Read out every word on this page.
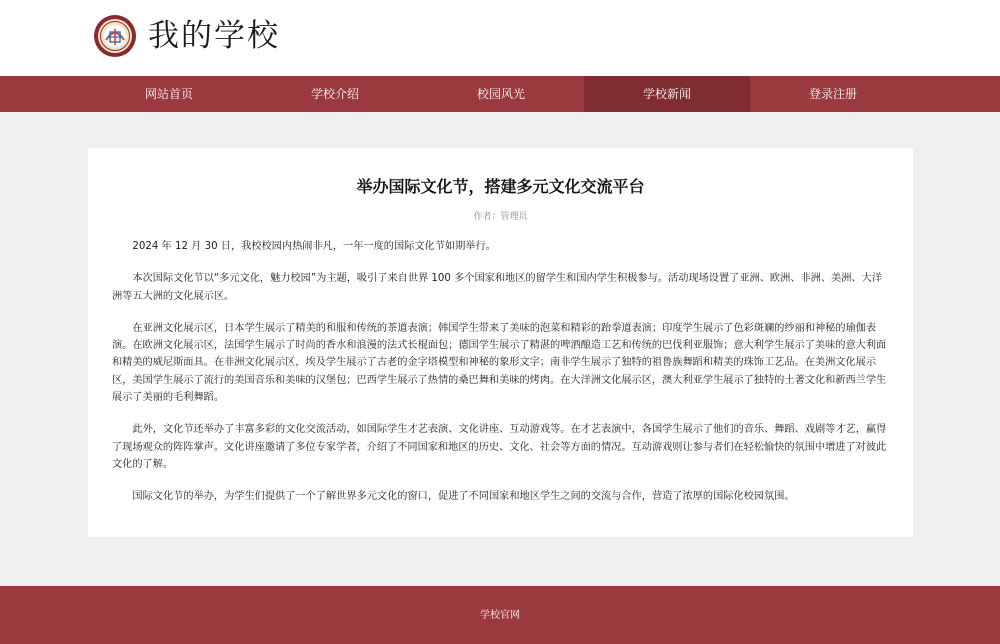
我的学校
网站首页	学校介绍	校园风光	学校新闻	登录注册
举办国际文化节，搭建多元文化交流平台
作者：管理员

2024 年 12 月 30 日，我校校园内热闹非凡，一年一度的国际文化节如期举行。

本次国际文化节以“多元文化，魅力校园”为主题，吸引了来自世界 100 多个国家和地区的留学生和国内学生积极参与。活动现场设置了亚洲、欧洲、非洲、美洲、大洋洲等五大洲的文化展示区。

在亚洲文化展示区，日本学生展示了精美的和服和传统的茶道表演；韩国学生带来了美味的泡菜和精彩的跆拳道表演；印度学生展示了色彩斑斓的纱丽和神秘的瑜伽表演。在欧洲文化展示区，法国学生展示了时尚的香水和浪漫的法式长棍面包；德国学生展示了精湛的啤酒酿造工艺和传统的巴伐利亚服饰；意大利学生展示了美味的意大利面和精美的威尼斯面具。在非洲文化展示区，埃及学生展示了古老的金字塔模型和神秘的象形文字；南非学生展示了独特的祖鲁族舞蹈和精美的珠饰工艺品。在美洲文化展示区，美国学生展示了流行的美国音乐和美味的汉堡包；巴西学生展示了热情的桑巴舞和美味的烤肉。在大洋洲文化展示区，澳大利亚学生展示了独特的土著文化和新西兰学生展示了美丽的毛利舞蹈。

此外，文化节还举办了丰富多彩的文化交流活动，如国际学生才艺表演、文化讲座、互动游戏等。在才艺表演中，各国学生展示了他们的音乐、舞蹈、戏剧等才艺，赢得了现场观众的阵阵掌声。文化讲座邀请了多位专家学者，介绍了不同国家和地区的历史、文化、社会等方面的情况。互动游戏则让参与者们在轻松愉快的氛围中增进了对彼此文化的了解。

国际文化节的举办，为学生们提供了一个了解世界多元文化的窗口，促进了不同国家和地区学生之间的交流与合作，营造了浓厚的国际化校园氛围。

学校官网
